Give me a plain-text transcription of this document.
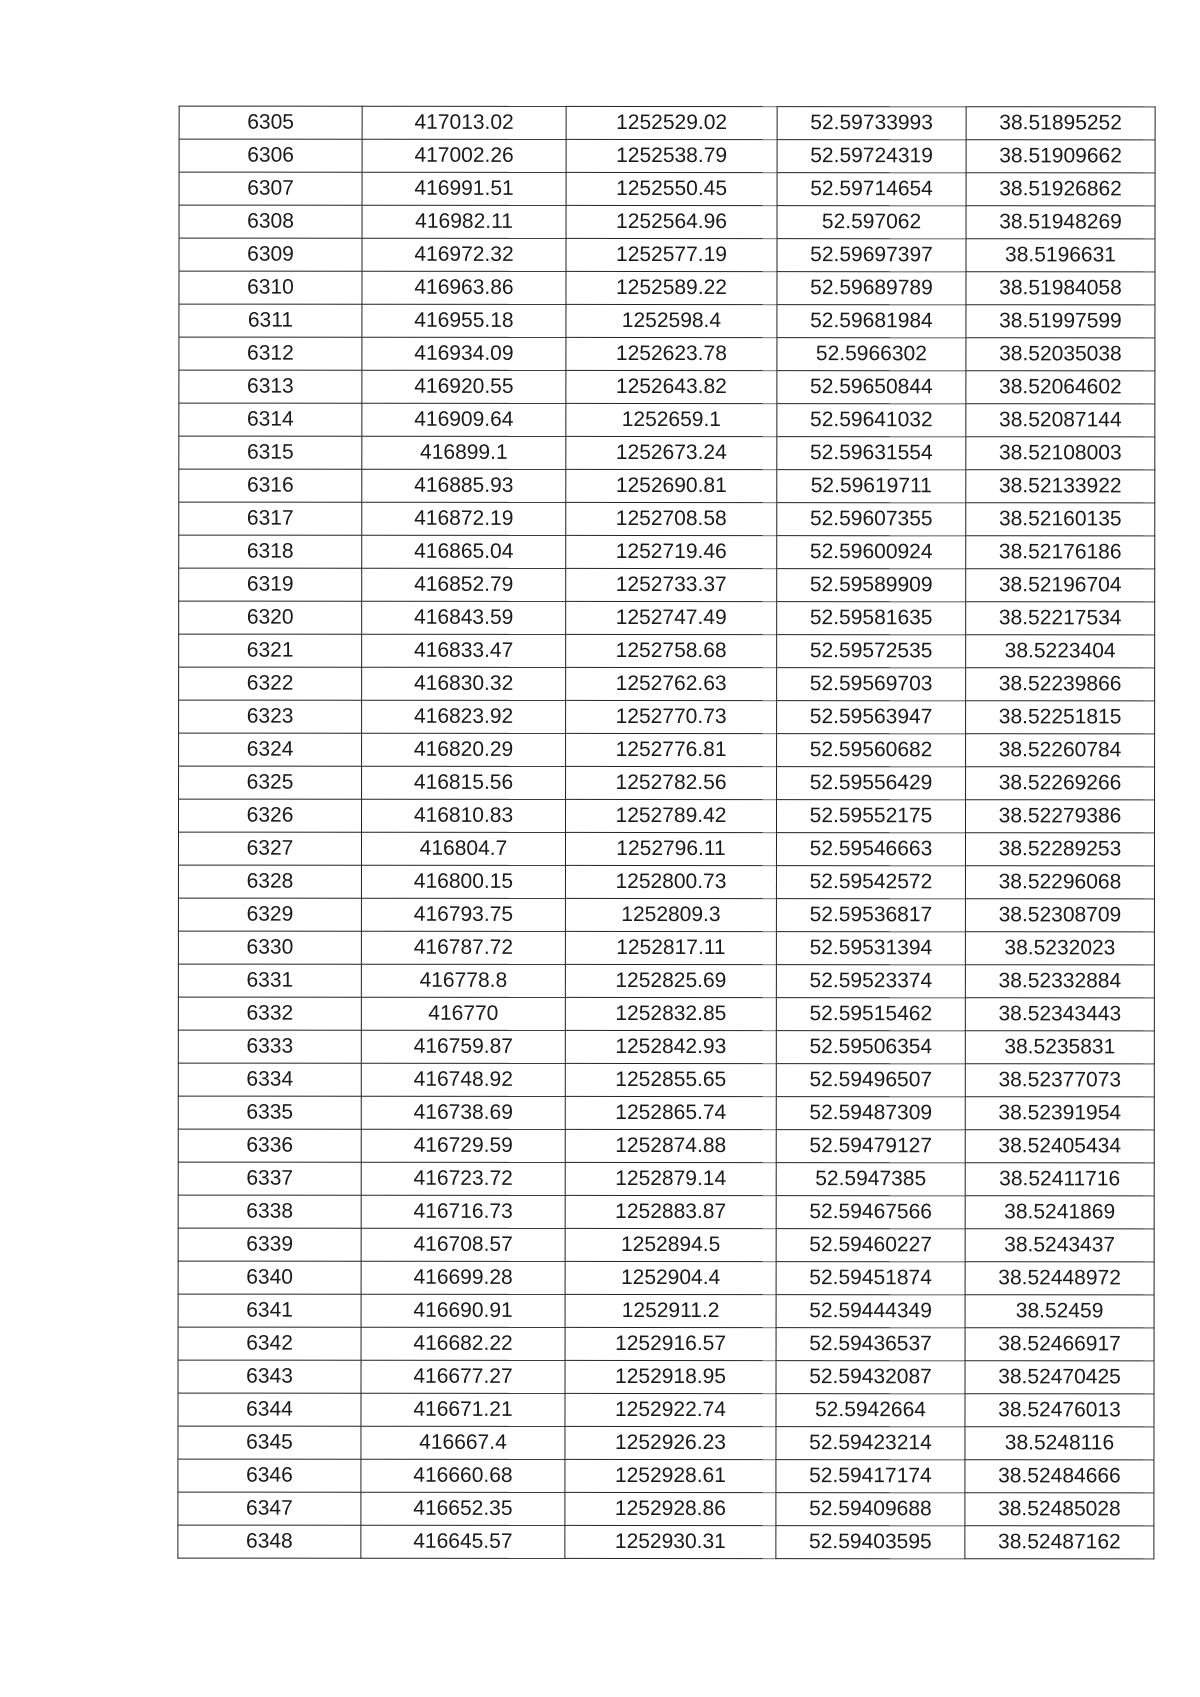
6305	417013.02	1252529.02	52.59733993	38.51895252
6306	417002.26	1252538.79	52.59724319	38.51909662
6307	416991.51	1252550.45	52.59714654	38.51926862
6308	416982.11	1252564.96	52.597062	38.51948269
6309	416972.32	1252577.19	52.59697397	38.5196631
6310	416963.86	1252589.22	52.59689789	38.51984058
6311	416955.18	1252598.4	52.59681984	38.51997599
6312	416934.09	1252623.78	52.5966302	38.52035038
6313	416920.55	1252643.82	52.59650844	38.52064602
6314	416909.64	1252659.1	52.59641032	38.52087144
6315	416899.1	1252673.24	52.59631554	38.52108003
6316	416885.93	1252690.81	52.59619711	38.52133922
6317	416872.19	1252708.58	52.59607355	38.52160135
6318	416865.04	1252719.46	52.59600924	38.52176186
6319	416852.79	1252733.37	52.59589909	38.52196704
6320	416843.59	1252747.49	52.59581635	38.52217534
6321	416833.47	1252758.68	52.59572535	38.5223404
6322	416830.32	1252762.63	52.59569703	38.52239866
6323	416823.92	1252770.73	52.59563947	38.52251815
6324	416820.29	1252776.81	52.59560682	38.52260784
6325	416815.56	1252782.56	52.59556429	38.52269266
6326	416810.83	1252789.42	52.59552175	38.52279386
6327	416804.7	1252796.11	52.59546663	38.52289253
6328	416800.15	1252800.73	52.59542572	38.52296068
6329	416793.75	1252809.3	52.59536817	38.52308709
6330	416787.72	1252817.11	52.59531394	38.5232023
6331	416778.8	1252825.69	52.59523374	38.52332884
6332	416770	1252832.85	52.59515462	38.52343443
6333	416759.87	1252842.93	52.59506354	38.5235831
6334	416748.92	1252855.65	52.59496507	38.52377073
6335	416738.69	1252865.74	52.59487309	38.52391954
6336	416729.59	1252874.88	52.59479127	38.52405434
6337	416723.72	1252879.14	52.5947385	38.52411716
6338	416716.73	1252883.87	52.59467566	38.5241869
6339	416708.57	1252894.5	52.59460227	38.5243437
6340	416699.28	1252904.4	52.59451874	38.52448972
6341	416690.91	1252911.2	52.59444349	38.52459
6342	416682.22	1252916.57	52.59436537	38.52466917
6343	416677.27	1252918.95	52.59432087	38.52470425
6344	416671.21	1252922.74	52.5942664	38.52476013
6345	416667.4	1252926.23	52.59423214	38.5248116
6346	416660.68	1252928.61	52.59417174	38.52484666
6347	416652.35	1252928.86	52.59409688	38.52485028
6348	416645.57	1252930.31	52.59403595	38.52487162
